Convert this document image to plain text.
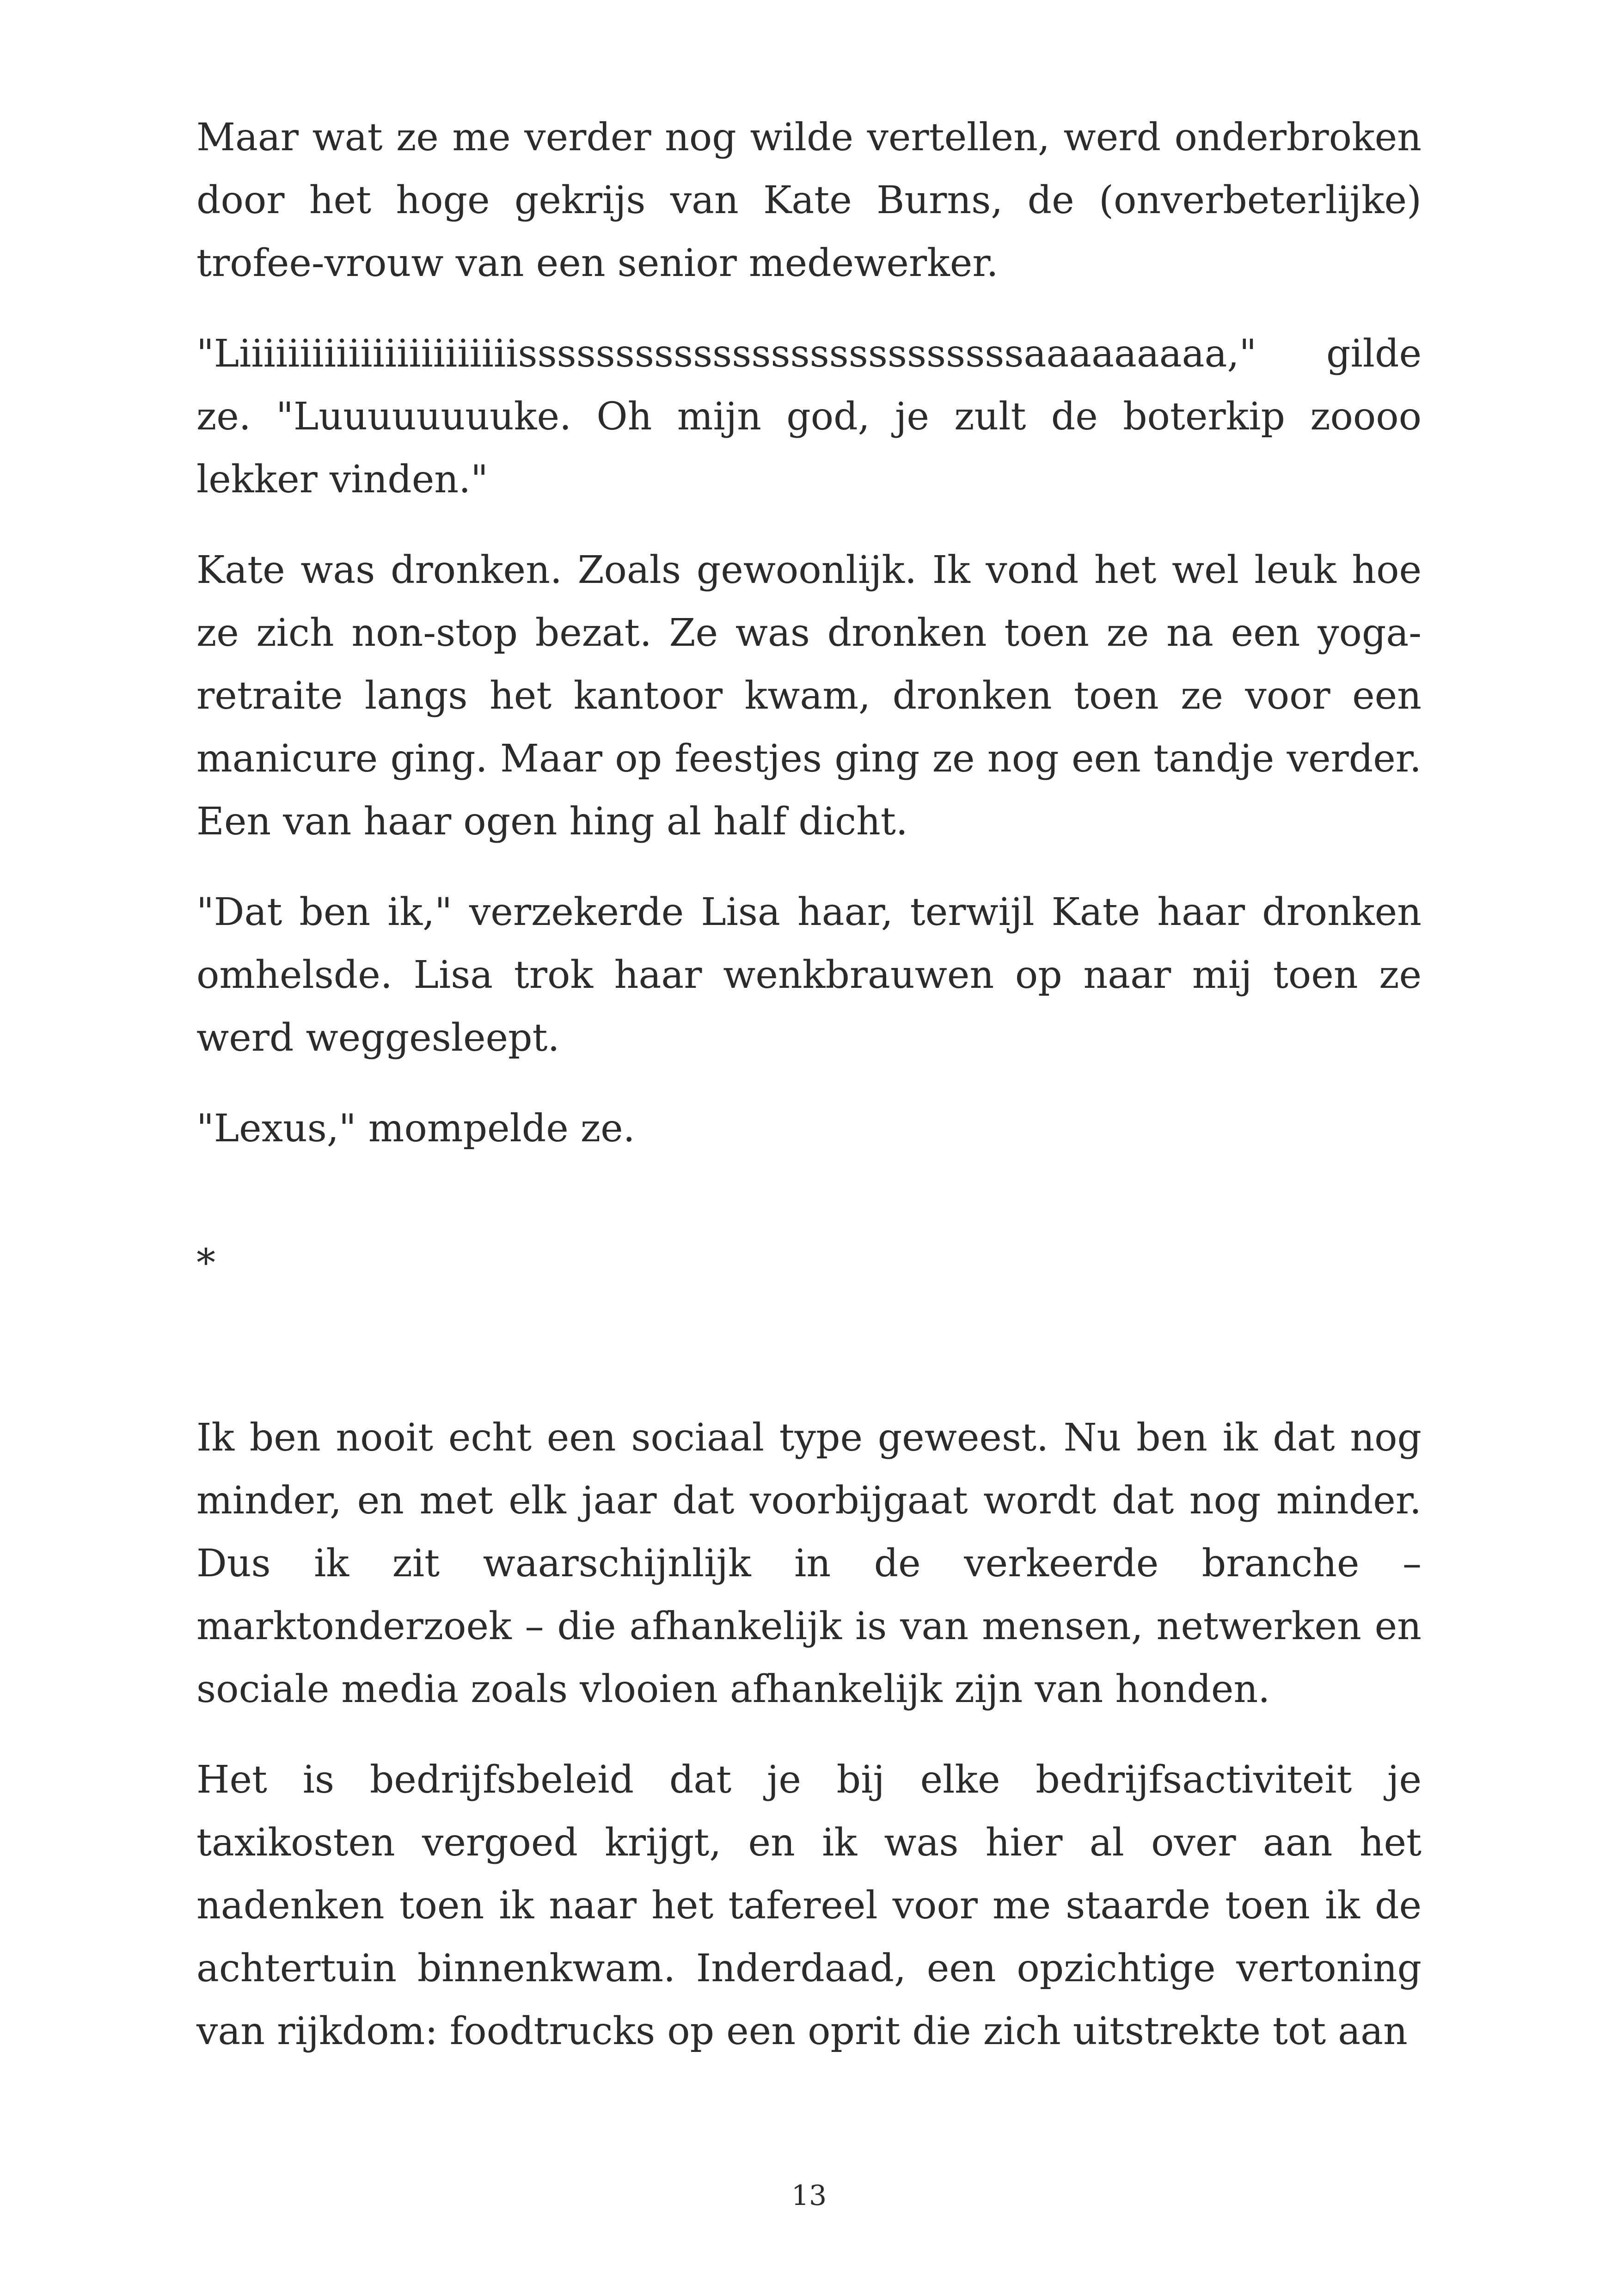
Maar wat ze me verder nog wilde vertellen, werd onderbroken door het hoge gekrijs van Kate Burns, de (onverbeterlijke) trofee-vrouw van een senior medewerker.

"Liiiiiiiiiiiiiiiiiiiiiiissssssssssssssssssssssssssaaaaaaaaa," gilde ze. "Luuuuuuuuke. Oh mijn god, je zult de boterkip zoooo lekker vinden."

Kate was dronken. Zoals gewoonlijk. Ik vond het wel leuk hoe ze zich non-stop bezat. Ze was dronken toen ze na een yoga-retraite langs het kantoor kwam, dronken toen ze voor een manicure ging. Maar op feestjes ging ze nog een tandje verder. Een van haar ogen hing al half dicht.

"Dat ben ik," verzekerde Lisa haar, terwijl Kate haar dronken omhelsde. Lisa trok haar wenkbrauwen op naar mij toen ze werd weggesleept.

"Lexus," mompelde ze.

*

Ik ben nooit echt een sociaal type geweest. Nu ben ik dat nog minder, en met elk jaar dat voorbijgaat wordt dat nog minder. Dus ik zit waarschijnlijk in de verkeerde branche – marktonderzoek – die afhankelijk is van mensen, netwerken en sociale media zoals vlooien afhankelijk zijn van honden.

Het is bedrijfsbeleid dat je bij elke bedrijfsactiviteit je taxikosten vergoed krijgt, en ik was hier al over aan het nadenken toen ik naar het tafereel voor me staarde toen ik de achtertuin binnenkwam. Inderdaad, een opzichtige vertoning van rijkdom: foodtrucks op een oprit die zich uitstrekte tot aan

13
